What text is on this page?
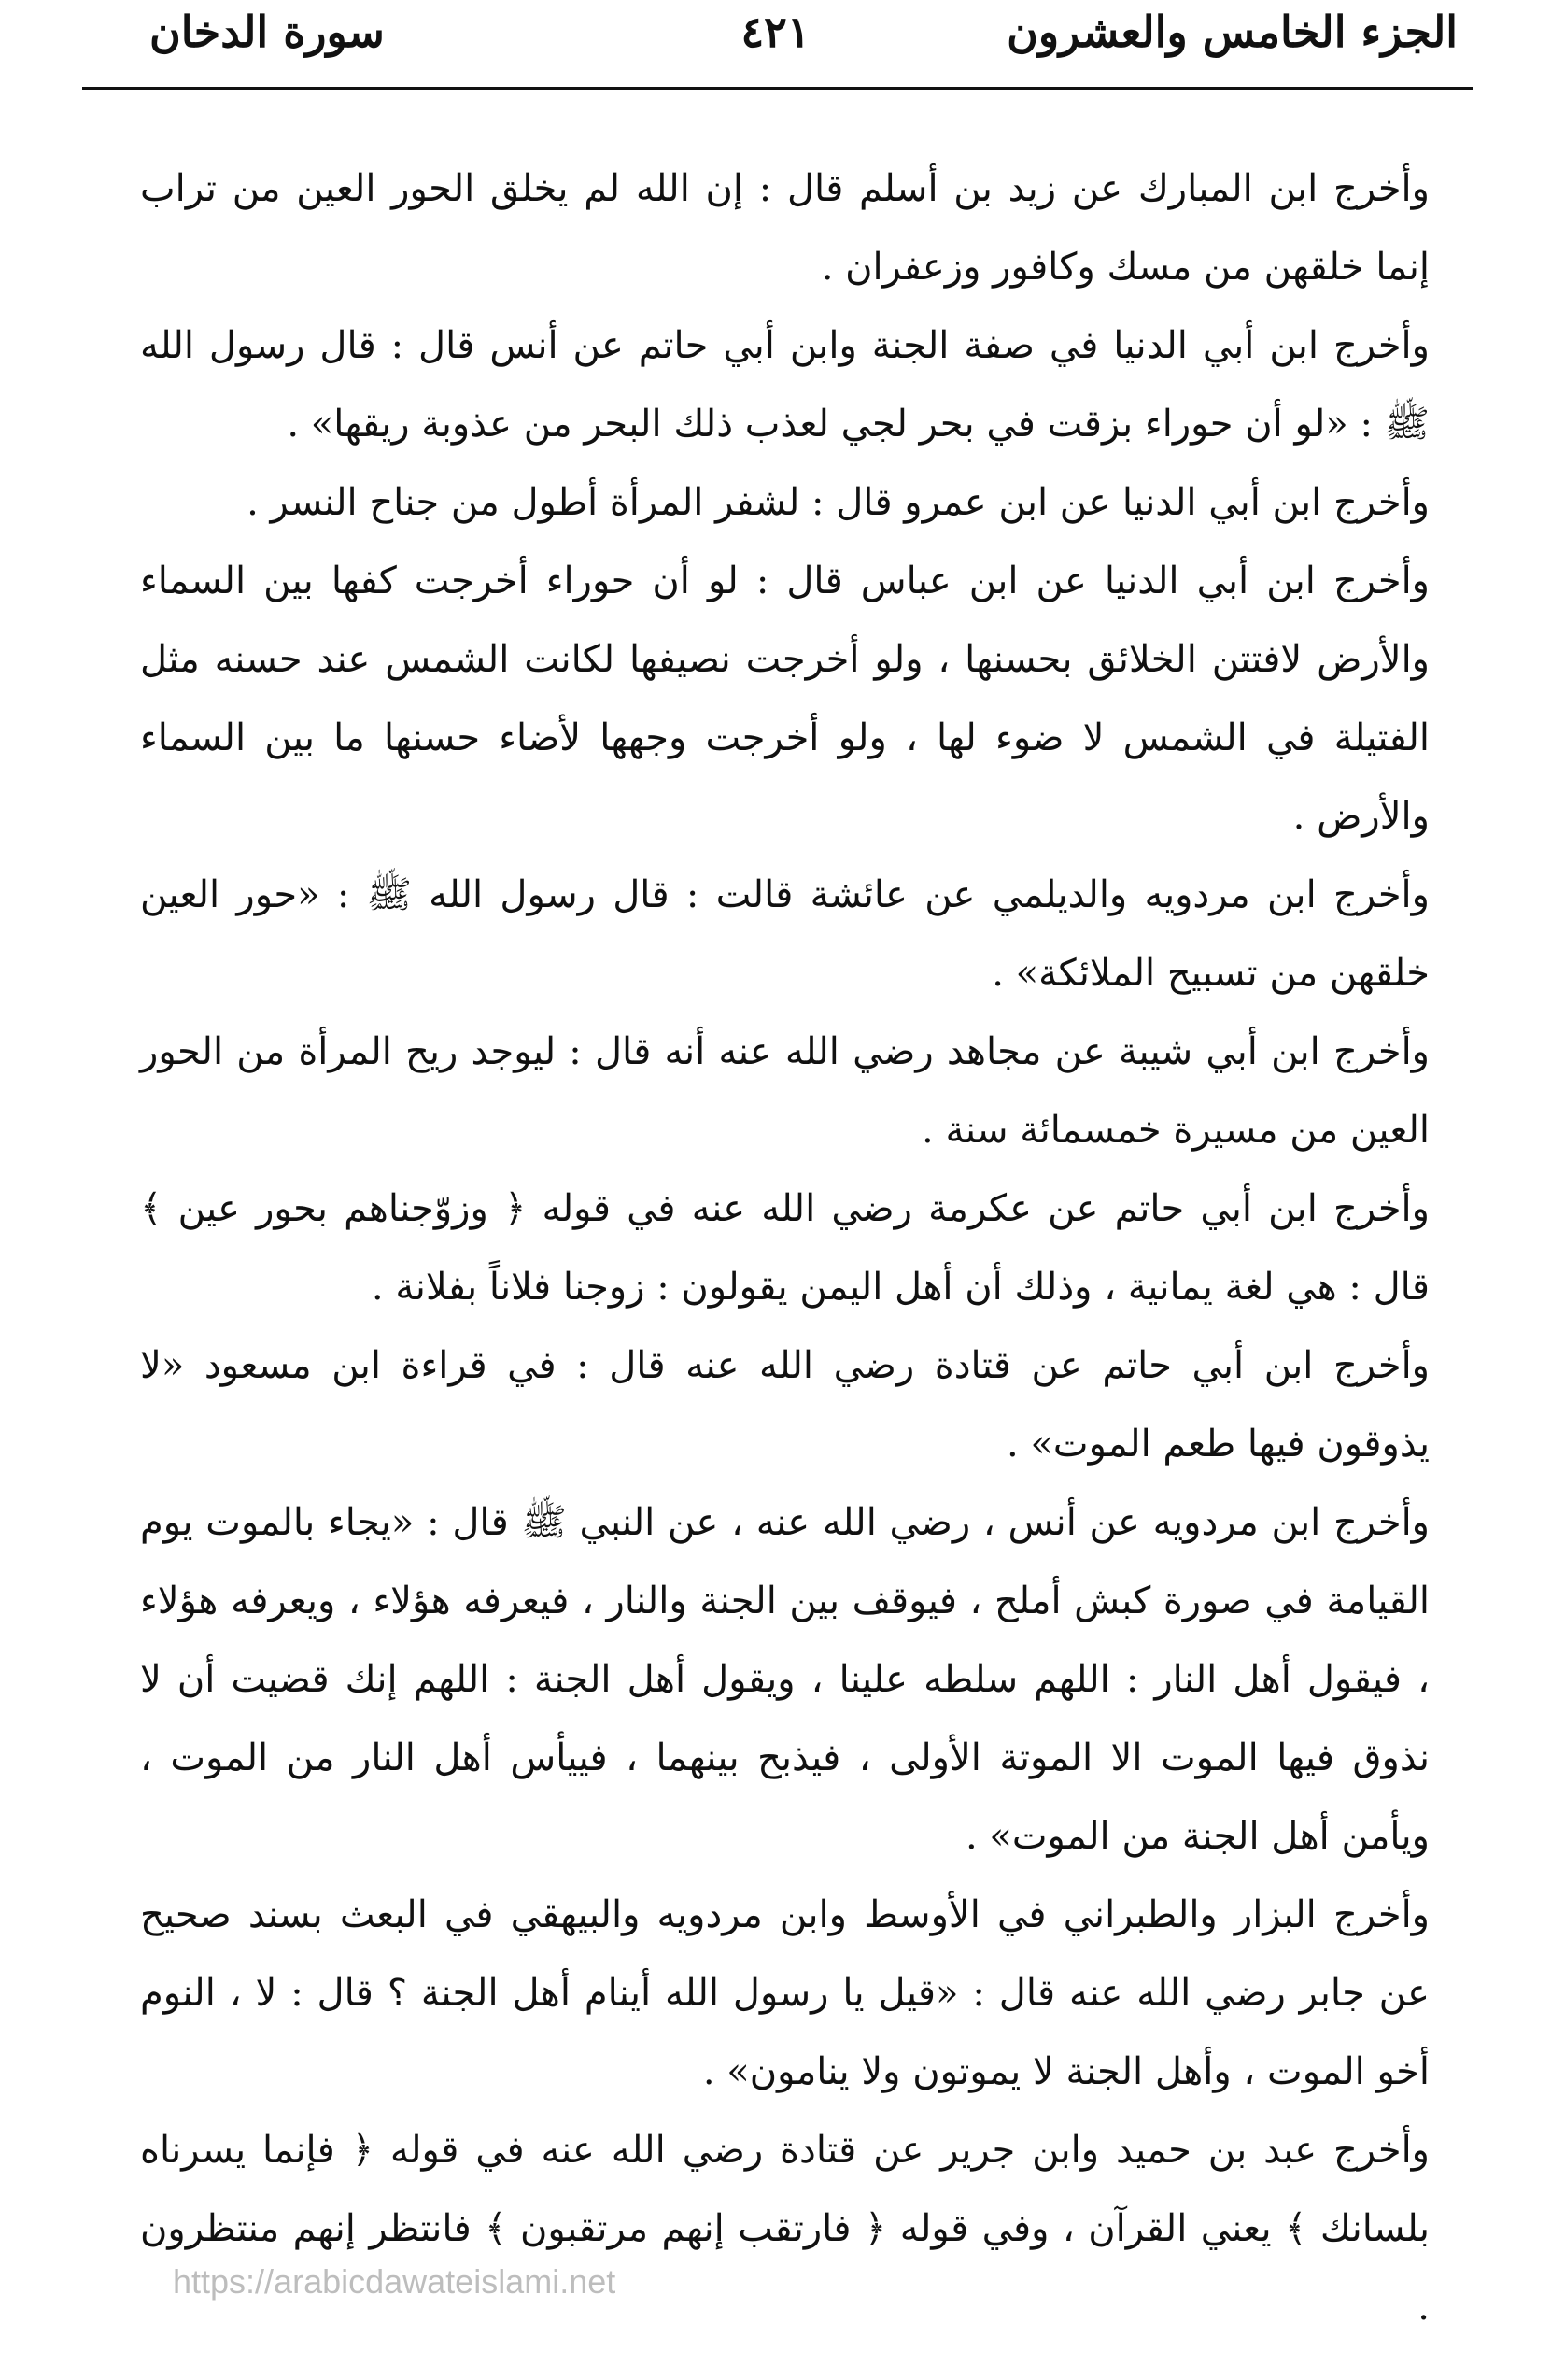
الجزء الخامس والعشرون
٤٢١
سورة الدخان

وأخرج ابن المبارك عن زيد بن أسلم قال : إن الله لم يخلق الحور العين من تراب إنما خلقهن من مسك وكافور وزعفران .

وأخرج ابن أبي الدنيا في صفة الجنة وابن أبي حاتم عن أنس قال : قال رسول الله ﷺ : «لو أن حوراء بزقت في بحر لجي لعذب ذلك البحر من عذوبة ريقها» .

وأخرج ابن أبي الدنيا عن ابن عمرو قال : لشفر المرأة أطول من جناح النسر .

وأخرج ابن أبي الدنيا عن ابن عباس قال : لو أن حوراء أخرجت كفها بين السماء والأرض لافتتن الخلائق بحسنها ، ولو أخرجت نصيفها لكانت الشمس عند حسنه مثل الفتيلة في الشمس لا ضوء لها ، ولو أخرجت وجهها لأضاء حسنها ما بين السماء والأرض .

وأخرج ابن مردويه والديلمي عن عائشة قالت : قال رسول الله ﷺ : «حور العين خلقهن من تسبيح الملائكة» .

وأخرج ابن أبي شيبة عن مجاهد رضي الله عنه أنه قال : ليوجد ريح المرأة من الحور العين من مسيرة خمسمائة سنة .

وأخرج ابن أبي حاتم عن عكرمة رضي الله عنه في قوله ﴿ وزوّجناهم بحور عين ﴾ قال : هي لغة يمانية ، وذلك أن أهل اليمن يقولون : زوجنا فلاناً بفلانة .

وأخرج ابن أبي حاتم عن قتادة رضي الله عنه قال : في قراءة ابن مسعود «لا يذوقون فيها طعم الموت» .

وأخرج ابن مردويه عن أنس ، رضي الله عنه ، عن النبي ﷺ قال : «يجاء بالموت يوم القيامة في صورة كبش أملح ، فيوقف بين الجنة والنار ، فيعرفه هؤلاء ، ويعرفه هؤلاء ، فيقول أهل النار : اللهم سلطه علينا ، ويقول أهل الجنة : اللهم إنك قضيت أن لا نذوق فيها الموت الا الموتة الأولى ، فيذبح بينهما ، فييأس أهل النار من الموت ، ويأمن أهل الجنة من الموت» .

وأخرج البزار والطبراني في الأوسط وابن مردويه والبيهقي في البعث بسند صحيح عن جابر رضي الله عنه قال : «قيل يا رسول الله أينام أهل الجنة ؟ قال : لا ، النوم أخو الموت ، وأهل الجنة لا يموتون ولا ينامون» .

وأخرج عبد بن حميد وابن جرير عن قتادة رضي الله عنه في قوله ﴿ فإنما يسرناه بلسانك ﴾ يعني القرآن ، وفي قوله ﴿ فارتقب إنهم مرتقبون ﴾ فانتظر إنهم منتظرون .

https://arabicdawateislami.net
